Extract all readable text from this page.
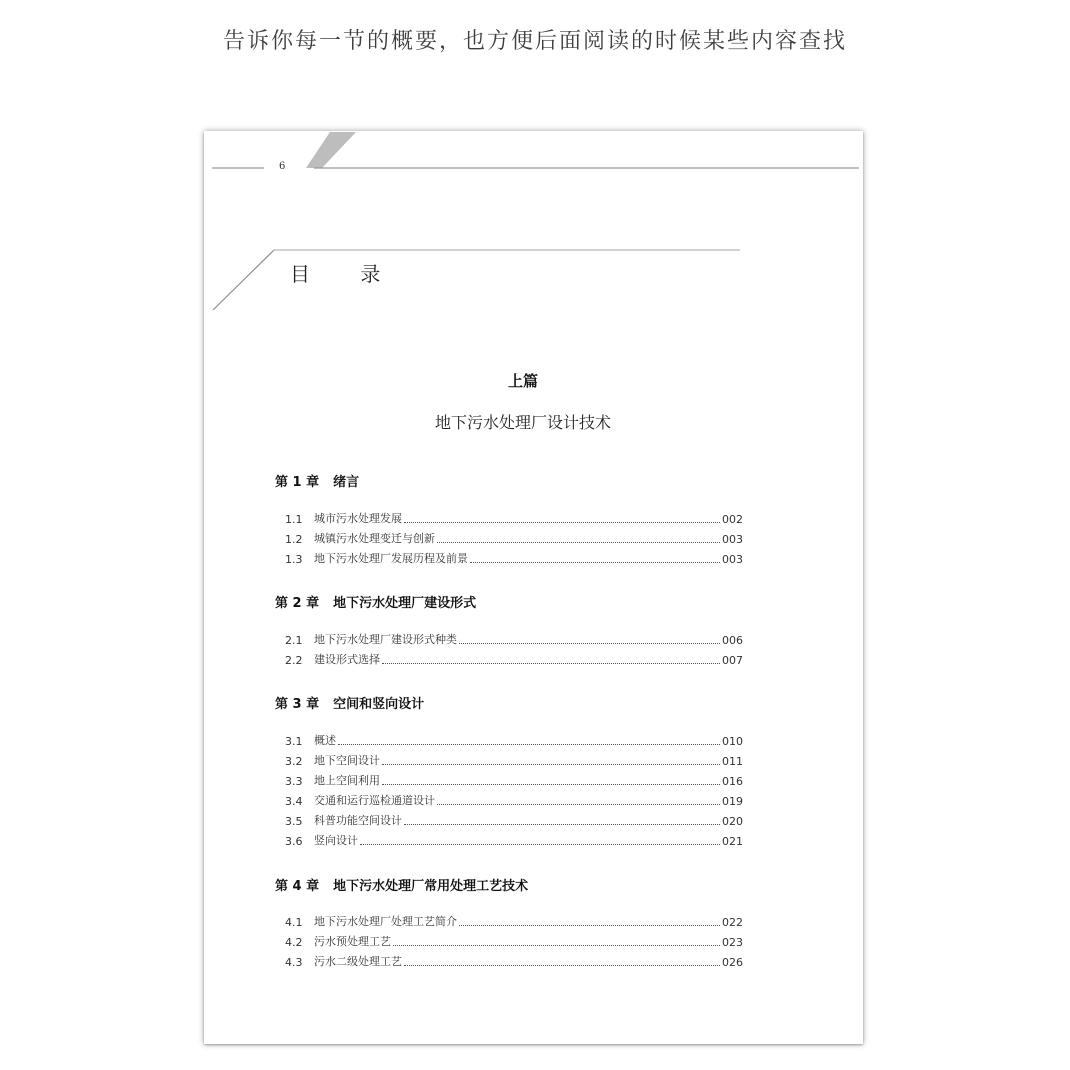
告诉你每一节的概要，也方便后面阅读的时候某些内容查找
6
目 录
上篇
地下污水处理厂设计技术
第 1 章 绪言
1.1	城市污水处理发展	002
1.2	城镇污水处理变迁与创新	003
1.3	地下污水处理厂发展历程及前景	003
第 2 章 地下污水处理厂建设形式
2.1	地下污水处理厂建设形式种类	006
2.2	建设形式选择	007
第 3 章 空间和竖向设计
3.1	概述	010
3.2	地下空间设计	011
3.3	地上空间利用	016
3.4	交通和运行巡检通道设计	019
3.5	科普功能空间设计	020
3.6	竖向设计	021
第 4 章 地下污水处理厂常用处理工艺技术
4.1	地下污水处理厂处理工艺简介	022
4.2	污水预处理工艺	023
4.3	污水二级处理工艺	026
